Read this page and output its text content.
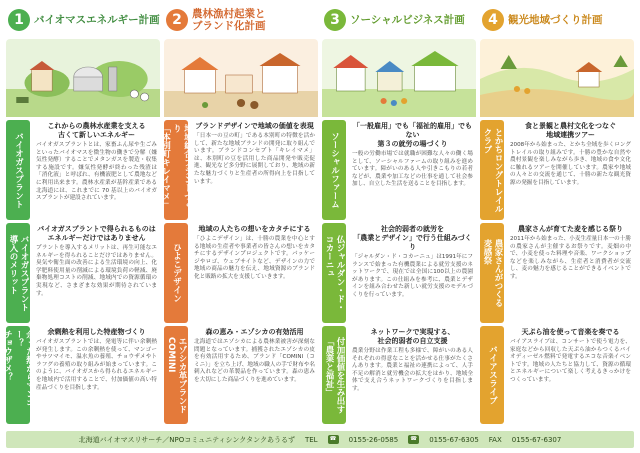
1 バイオマスエネルギー計画
バイオガスプラント
これからの農林水産業を支える
古くて新しいエネルギー
バイオガスプラントとは、家畜ふん尿や生ごみといったバイオマスを微生物の働きで分解（嫌気性発酵）することでメタンガスを製造・収集する施設です。嫌気性発酵が終わった残渣は「消化液」と呼ばれ、有機液肥として農地などに利用出来ます。農林水産業が基幹産業である北海道には、これまでに 70 基以上のバイオガスプラントが建設されています。
バイオガスプラント
導入のメリット
バイオガスプラントで得られるものは
エネルギーだけではありません
プラントを導入するメリットは、再生可能なエネルギーを得られることだけではありません。臭気や衛生面の改善による生活環境の向上、化学肥料使用量の削減による環境負荷の軽減、廃棄物処理コストの削減、地域内での資源循環の実現など、さまざまな効果が期待されています。
余った熱からマンゴー？
チョウザメ？	余剰熱を利用した特産物づくり
バイオガスプラントでは、発電等に伴い余剰熱が発生します。この余剰熱を使って、マンゴーやサツマイモ、温水魚の養殖、チョウザメやトラフグの養殖の取り組みが始まっています。このように、バイオガスから得られるエネルギーを地域内で活用することで、付加価値の高い特産品づくりを目指します。
2 農林漁村起業と
ブランド化計画
地域総合ブランドづくり
「本別町キレイマメ」	ブランドデザインで地域の価値を表現
「日本一の豆の町」である本別町の特徴を活かして、新たな地域ブランドの開発に取り組んでいます。ブランドコンセプト「キレイマメ」は、本別町の豆を活用した商品開発や販売促進、観光など多分野に展開しており、地域の新たな魅力づくりと生産者の所得向上を目指しています。
ひよこデザイン
地域の人たちの想いをカタチにする
「ひよこデザイン」は、十勝の農業を中心とする地域の生産者や事業者の皆さんの想いをカタチにするデザインプロジェクトです。パッケージやロゴ、ウェブサイトなど、デザインの力で地域の商品の魅力を伝え、地域資源のブランド化と販路の拡大を支援していきます。
エゾシカ革ブランド
COMINI
森の恵み・エゾシカの有効活用
北海道ではエゾシカによる農林業被害が深刻な問題となっています。捕獲されたエゾシカの皮を有効活用するため、ブランド「COMINI（コミニ）」を立ち上げ、地域の職人の手で財布や名刺入れなどの革製品を作っています。森の恵みを大切にした商品づくりを進めています。
3 ソーシャルビジネス計画
ソーシャルファーム
「一般雇用」でも「福祉的雇用」でもない
第３の就労の場づくり
一般の労働市場では就職が困難な人々の働く場として、ソーシャルファームの取り組みを進めています。障がいのある人や引きこもりの若者などが、農業や加工などの仕事を通して社会参加し、自立した生活を送ることを目指します。
仏ジャルダン・ド・
コカーニュ
社会的弱者の就労を
「農業とデザイン」で行う仕組みづくり
「ジャルダン・ド・コカーニュ」は1991年にフランスで始まった有機農業による就労支援のネットワークで、現在では全国に100以上の農園があります。この仕組みを参考に、農業とデザインを組み合わせた新しい就労支援のモデルづくりを行っています。
付加価値を生み出す
「農業と福祉」
ネットワークで実現する、
社会的弱者の自立支援
農業分野は作業工程も多様で、障がいのある人それぞれの得意なことを活かせる仕事がたくさんあります。農業と福祉の連携によって、人手不足の解消と就労機会の拡大をはかり、地域全体で支え合うネットワークづくりを目指します。
4 観光地域づくり計画
とかちロングトレイル
クラブ
食と景観と農村文化をつなぐ
地域連携ツアー
2008年から始まった、とかち全域を歩くロングトレイルの取り組みです。十勝の豊かな自然や農村景観を楽しみながら歩き、地域の食や文化に触れるツアーを開催しています。農家や地域の人々との交流を通じて、十勝の新たな観光資源の発掘を目指しています。
農家さんがつくる
麦感祭
農家さんが育てた麦を感じる祭り
2011年から始まった、小麦生産量日本一の十勝の農家さんが主催するお祭りです。麦畑の中で、小麦を使った料理や音楽、ワークショップなどを楽しみながら、生産者と消費者が交流し、麦の魅力を感じることができるイベントです。
バイアスライブ
天ぷら油を使って音楽を奏でる
バイアスライブは、コンサートで使う電力を、家庭などから回収した天ぷら油からつくるバイオディーゼル燃料で発電するエコな音楽イベントです。地域の人たちと協力して、資源の循環とエネルギーについて楽しく考えるきっかけをつくっています。
北海道バイオマスリサーチ／NPOコミュニティシンクタンクあうるず TEL	☎ 0155-26-0585	☎ 0155-67-6305 FAX 0155-67-6307
